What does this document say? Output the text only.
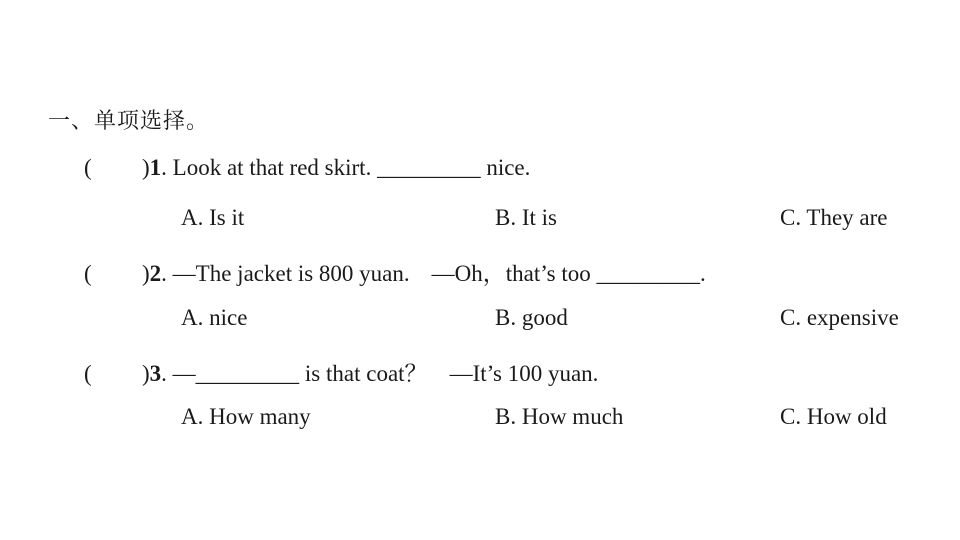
一、单项选择。
( )1. Look at that red skirt. _________ nice.
A. Is it	B. It is	C. They are
( )2. —The jacket is 800 yuan. —Oh，that’s too _________.
A. nice	B. good	C. expensive
( )3. —_________ is that coat？ —It’s 100 yuan.
A. How many	B. How much	C. How old
